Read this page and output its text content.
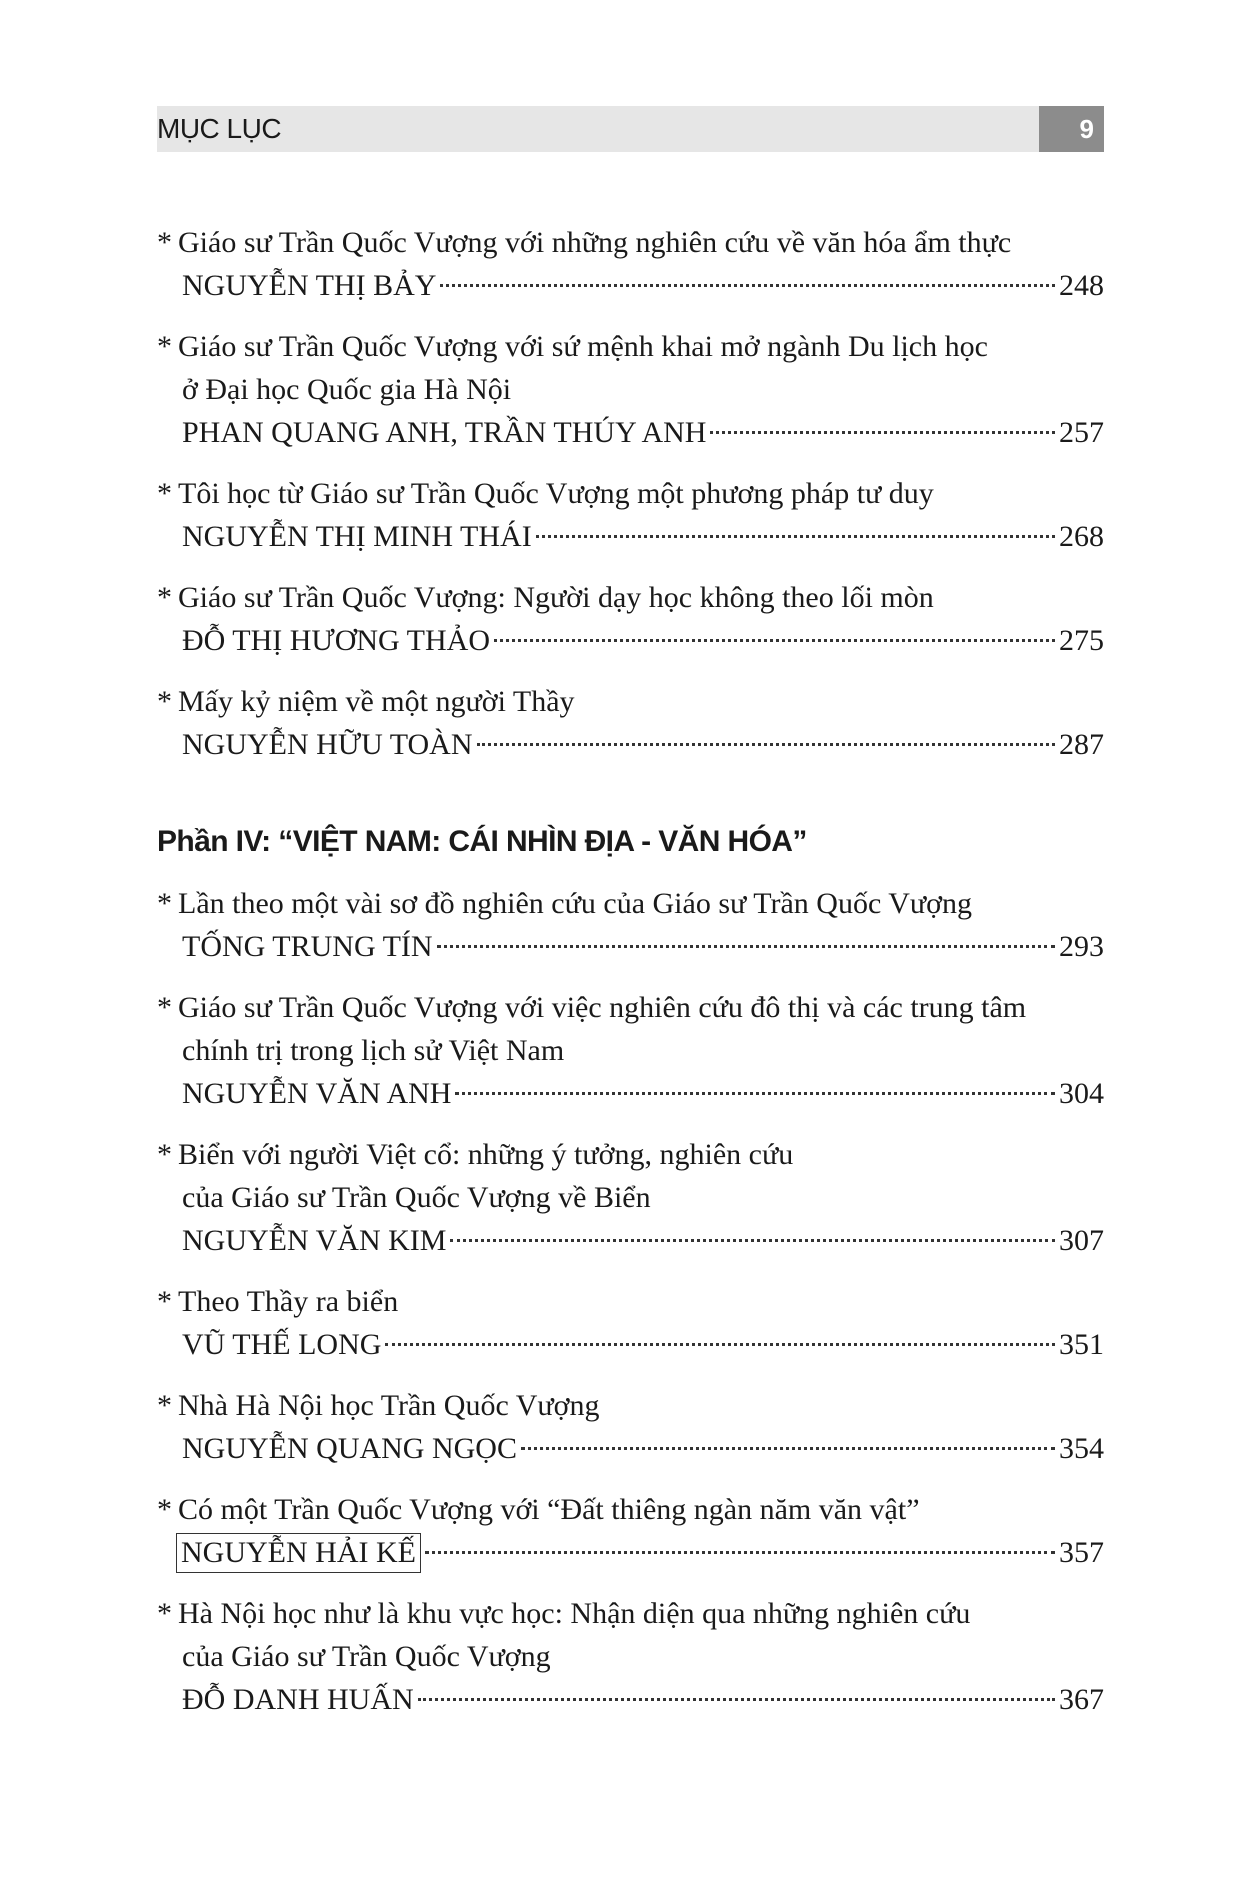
MỤC LỤC	9
* Giáo sư Trần Quốc Vượng với những nghiên cứu về văn hóa ẩm thực
NGUYỄN THỊ BẢY	248
* Giáo sư Trần Quốc Vượng với sứ mệnh khai mở ngành Du lịch học
ở Đại học Quốc gia Hà Nội
PHAN QUANG ANH, TRẦN THÚY ANH	257
* Tôi học từ Giáo sư Trần Quốc Vượng một phương pháp tư duy
NGUYỄN THỊ MINH THÁI	268
* Giáo sư Trần Quốc Vượng: Người dạy học không theo lối mòn
ĐỖ THỊ HƯƠNG THẢO	275
* Mấy kỷ niệm về một người Thầy
NGUYỄN HỮU TOÀN	287
Phần IV: “VIỆT NAM: CÁI NHÌN ĐỊA - VĂN HÓA”
* Lần theo một vài sơ đồ nghiên cứu của Giáo sư Trần Quốc Vượng
TỐNG TRUNG TÍN	293
* Giáo sư Trần Quốc Vượng với việc nghiên cứu đô thị và các trung tâm
chính trị trong lịch sử Việt Nam
NGUYỄN VĂN ANH	304
* Biển với người Việt cổ: những ý tưởng, nghiên cứu
của Giáo sư Trần Quốc Vượng về Biển
NGUYỄN VĂN KIM	307
* Theo Thầy ra biển
VŨ THẾ LONG	351
* Nhà Hà Nội học Trần Quốc Vượng
NGUYỄN QUANG NGỌC	354
* Có một Trần Quốc Vượng với “Đất thiêng ngàn năm văn vật”
NGUYỄN HẢI KẾ	357
* Hà Nội học như là khu vực học: Nhận diện qua những nghiên cứu
của Giáo sư Trần Quốc Vượng
ĐỖ DANH HUẤN	367
